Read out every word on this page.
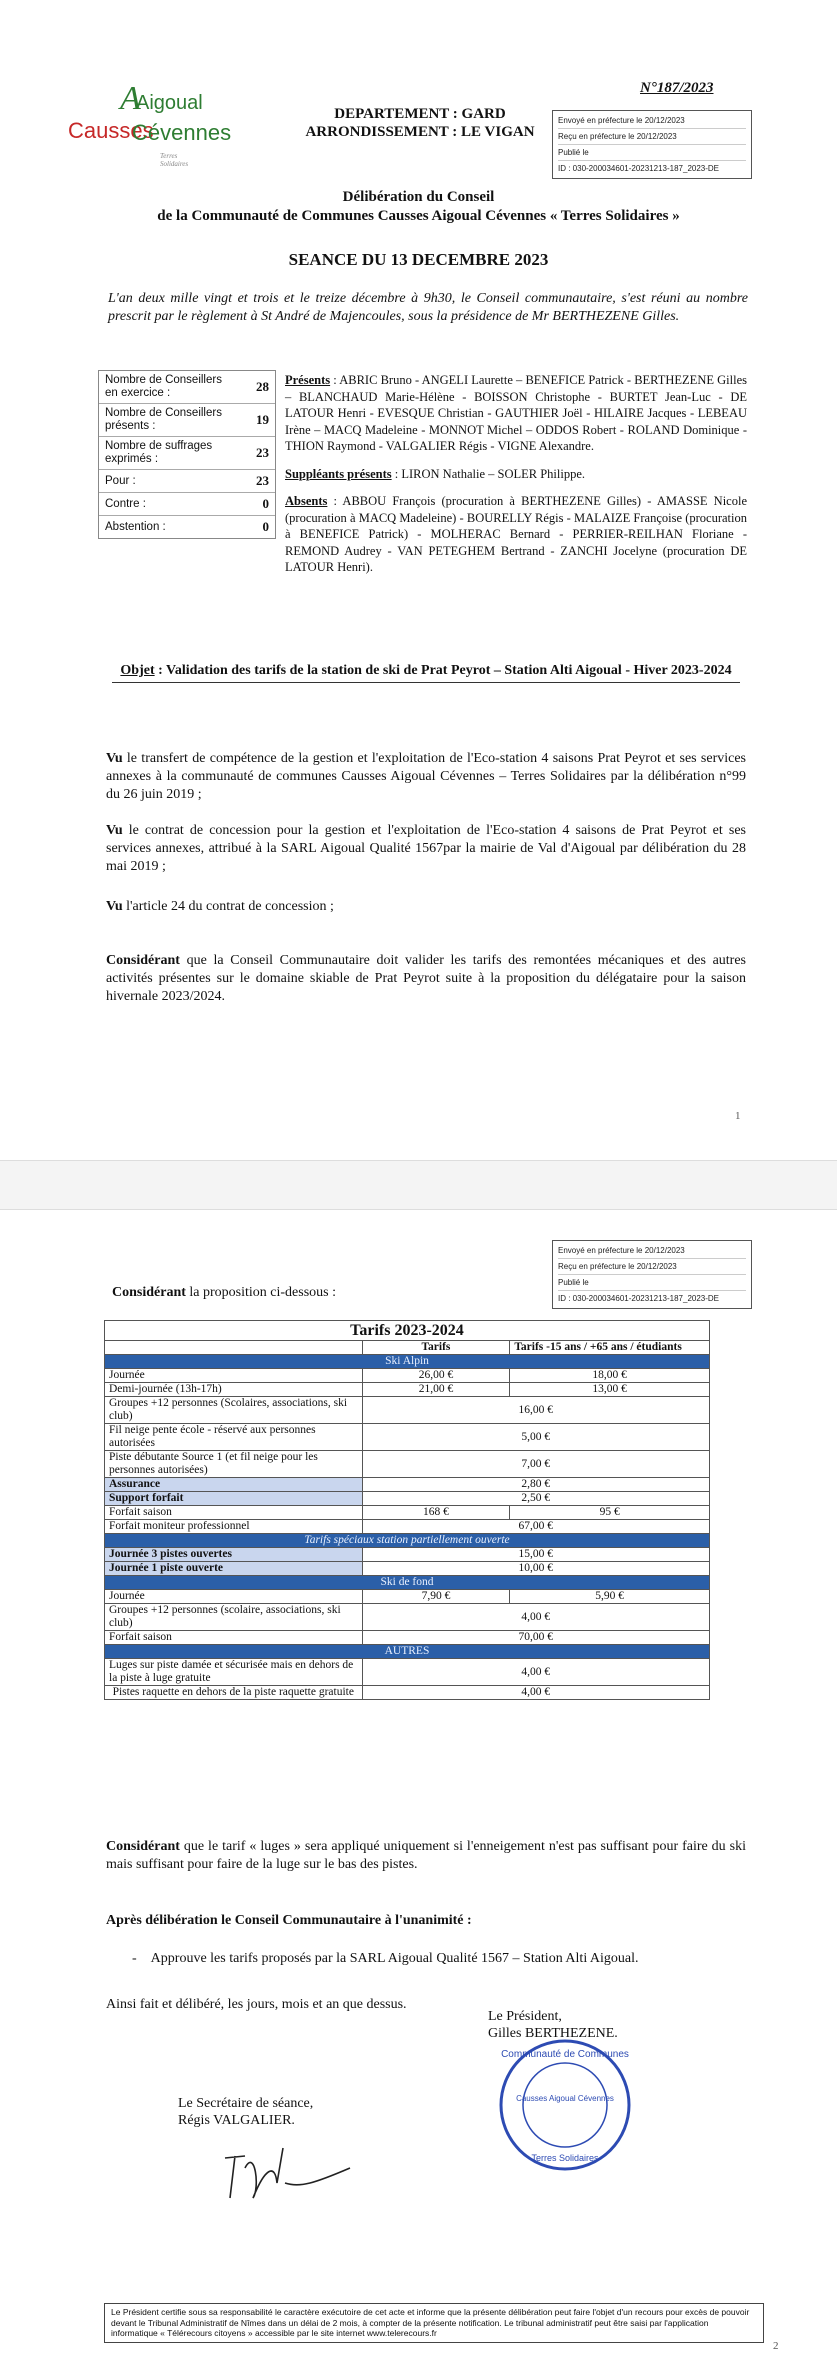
A
Aigoual
Causses
Cévennes
Terres Solidaires
N°187/2023
DEPARTEMENT : GARD
ARRONDISSEMENT : LE VIGAN
Envoyé en préfecture le 20/12/2023
Reçu en préfecture le 20/12/2023
Publié le
ID : 030-200034601-20231213-187_2023-DE
Délibération du Conseil
de la Communauté de Communes Causses Aigoual Cévennes « Terres Solidaires »
SEANCE DU 13 DECEMBRE 2023
L'an deux mille vingt et trois et le treize décembre à 9h30, le Conseil communautaire, s'est réuni au nombre prescrit par le règlement à St André de Majencoules, sous la présidence de Mr BERTHEZENE Gilles.
Nombre de Conseillers en exercice :	28
Nombre de Conseillers présents :	19
Nombre de suffrages exprimés :	23
Pour :	23
Contre :	0
Abstention :	0

Présents : ABRIC Bruno - ANGELI Laurette – BENEFICE Patrick - BERTHEZENE Gilles – BLANCHAUD Marie-Hélène - BOISSON Christophe - BURTET Jean-Luc - DE LATOUR Henri - EVESQUE Christian - GAUTHIER Joël - HILAIRE Jacques - LEBEAU Irène – MACQ Madeleine - MONNOT Michel – ODDOS Robert - ROLAND Dominique - THION Raymond - VALGALIER Régis - VIGNE Alexandre.

Suppléants présents : LIRON Nathalie – SOLER Philippe.

Absents : ABBOU François (procuration à BERTHEZENE Gilles) - AMASSE Nicole (procuration à MACQ Madeleine) - BOURELLY Régis - MALAIZE Françoise (procuration à BENEFICE Patrick) - MOLHERAC Bernard - PERRIER-REILHAN Floriane - REMOND Audrey - VAN PETEGHEM Bertrand - ZANCHI Jocelyne (procuration DE LATOUR Henri).

Objet : Validation des tarifs de la station de ski de Prat Peyrot – Station Alti Aigoual - Hiver 2023-2024
Vu le transfert de compétence de la gestion et l'exploitation de l'Eco-station 4 saisons Prat Peyrot et ses services annexes à la communauté de communes Causses Aigoual Cévennes – Terres Solidaires par la délibération n°99 du 26 juin 2019 ;
Vu le contrat de concession pour la gestion et l'exploitation de l'Eco-station 4 saisons de Prat Peyrot et ses services annexes, attribué à la SARL Aigoual Qualité 1567par la mairie de Val d'Aigoual par délibération du 28 mai 2019 ;
Vu l'article 24 du contrat de concession ;
Considérant que la Conseil Communautaire doit valider les tarifs des remontées mécaniques et des autres activités présentes sur le domaine skiable de Prat Peyrot suite à la proposition du délégataire pour la saison hivernale 2023/2024.
1
Envoyé en préfecture le 20/12/2023
Reçu en préfecture le 20/12/2023
Publié le
ID : 030-200034601-20231213-187_2023-DE
Considérant la proposition ci-dessous :
Tarifs 2023-2024		
	Tarifs	Tarifs -15 ans / +65 ans / étudiants
Ski Alpin		
Journée	26,00 €	18,00 €
Demi-journée (13h-17h)	21,00 €	13,00 €
Groupes +12 personnes (Scolaires, associations, ski club)	16,00 €	
Fil neige pente école - réservé aux personnes autorisées	5,00 €	
Piste débutante Source 1 (et fil neige pour les personnes autorisées)	7,00 €	
Assurance	2,80 €	
Support forfait	2,50 €	
Forfait saison	168 €	95 €
Forfait moniteur professionnel	67,00 €	
Tarifs spéciaux station partiellement ouverte		
Journée 3 pistes ouvertes	15,00 €	
Journée 1 piste ouverte	10,00 €	
Ski de fond		
Journée	7,90 €	5,90 €
Groupes +12 personnes (scolaire, associations, ski club)	4,00 €	
Forfait saison	70,00 €	
AUTRES		
Luges sur piste damée et sécurisée mais en dehors de la piste à luge gratuite	4,00 €	
Pistes raquette en dehors de la piste raquette gratuite	4,00 €	
Considérant que le tarif « luges » sera appliqué uniquement si l'enneigement n'est pas suffisant pour faire du ski mais suffisant pour faire de la luge sur le bas des pistes.
Après délibération le Conseil Communautaire à l'unanimité :
-    Approuve les tarifs proposés par la SARL Aigoual Qualité 1567 – Station Alti Aigoual.
Ainsi fait et délibéré, les jours, mois et an que dessus.
Le Président,
Gilles BERTHEZENE.
Le Secrétaire de séance,
Régis VALGALIER.
Communauté de Communes
Causses Aigoual Cévennes
Terres Solidaires
Le Président certifie sous sa responsabilité le caractère exécutoire de cet acte et informe que la présente délibération peut faire l'objet d'un recours pour excès de pouvoir devant le Tribunal Administratif de Nîmes dans un délai de 2 mois, à compter de la présente notification. Le tribunal administratif peut être saisi par l'application informatique « Télérecours citoyens » accessible par le site internet www.telerecours.fr
2
